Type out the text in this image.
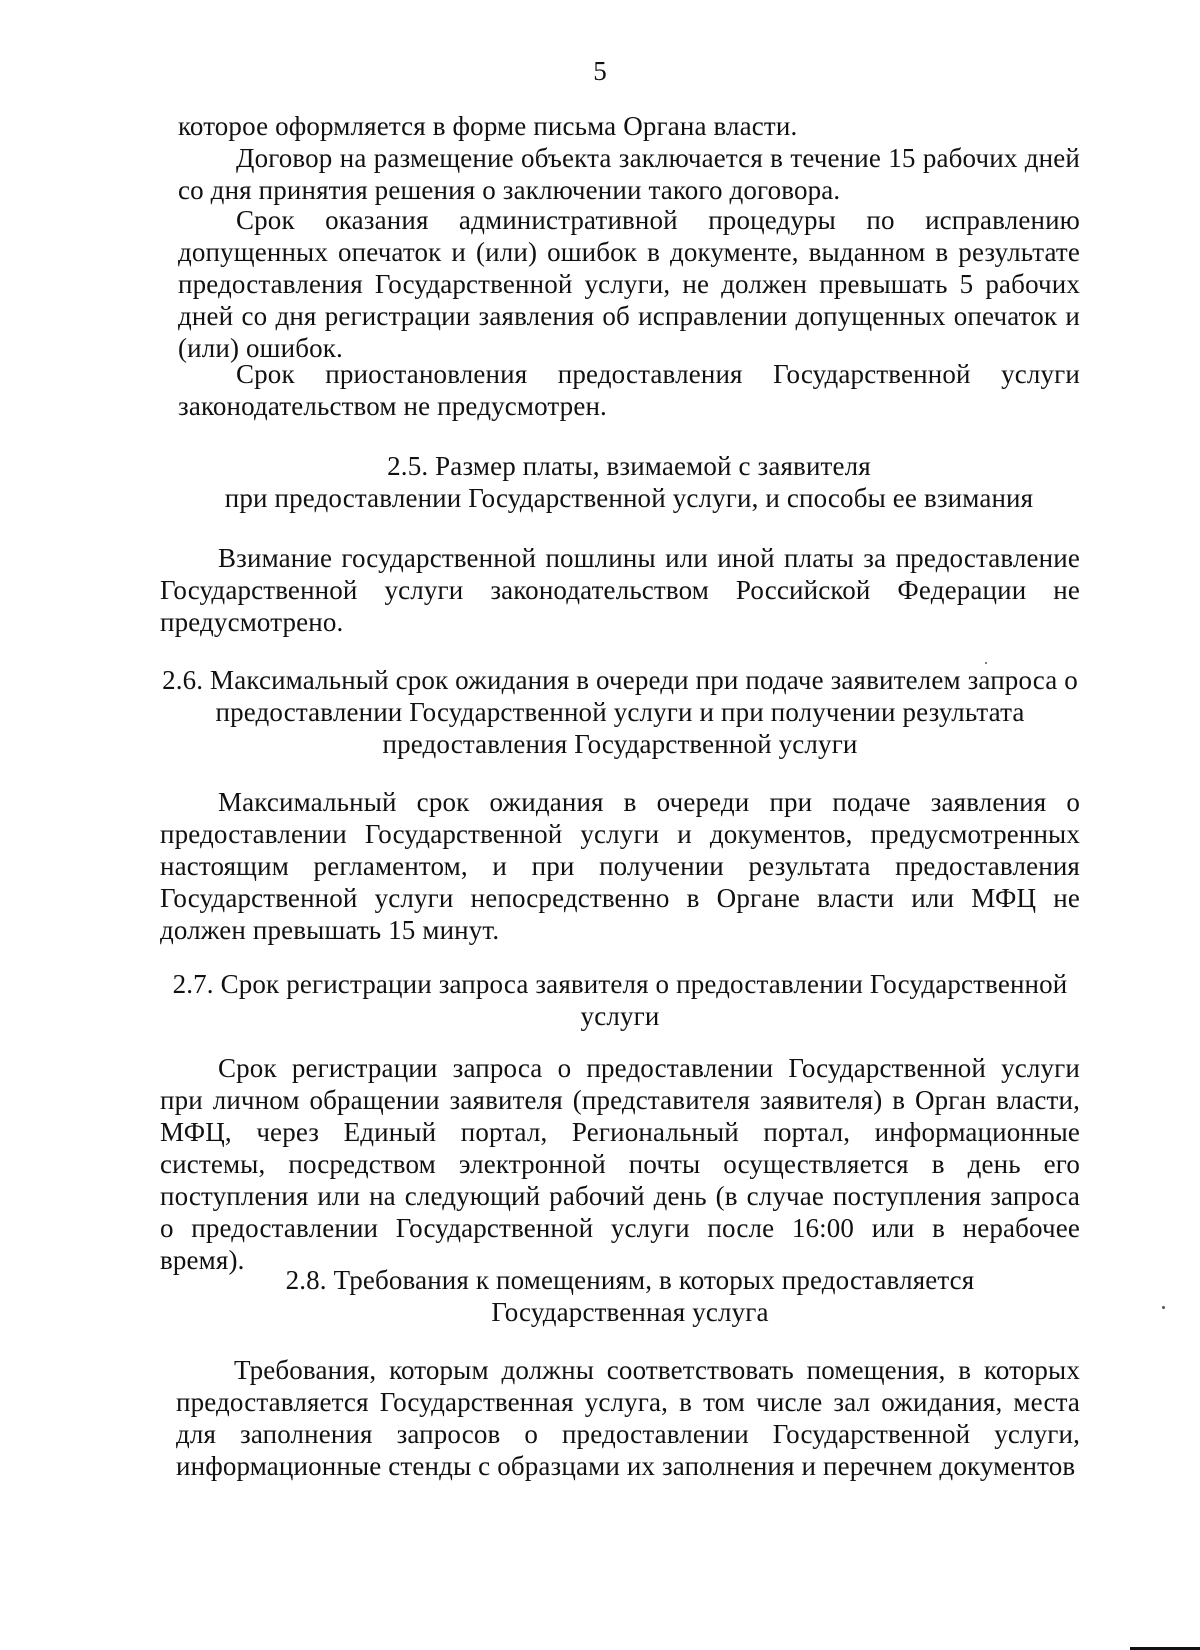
5
которое оформляется в форме письма Органа власти.
Договор на размещение объекта заключается в течение 15 рабочих дней со дня принятия решения о заключении такого договора.
Срок оказания административной процедуры по исправлению допущенных опечаток и (или) ошибок в документе, выданном в результате предоставления Государственной услуги, не должен превышать 5 рабочих дней со дня регистрации заявления об исправлении допущенных опечаток и (или) ошибок.
Срок приостановления предоставления Государственной услуги законодательством не предусмотрен.
2.5. Размер платы, взимаемой с заявителя
при предоставлении Государственной услуги, и способы ее взимания
Взимание государственной пошлины или иной платы за предоставление Государственной услуги законодательством Российской Федерации не предусмотрено.
2.6. Максимальный срок ожидания в очереди при подаче заявителем запроса о
предоставлении Государственной услуги и при получении результата
предоставления Государственной услуги
Максимальный срок ожидания в очереди при подаче заявления о предоставлении Государственной услуги и документов, предусмотренных настоящим регламентом, и при получении результата предоставления Государственной услуги непосредственно в Органе власти или МФЦ не должен превышать 15 минут.
2.7. Срок регистрации запроса заявителя о предоставлении Государственной
услуги
Срок регистрации запроса о предоставлении Государственной услуги при личном обращении заявителя (представителя заявителя) в Орган власти, МФЦ, через Единый портал, Региональный портал, информационные системы, посредством электронной почты осуществляется в день его поступления или на следующий рабочий день (в случае поступления запроса о предоставлении Государственной услуги после 16:00 или в нерабочее время).
2.8. Требования к помещениям, в которых предоставляется
Государственная услуга
Требования, которым должны соответствовать помещения, в которых предоставляется Государственная услуга, в том числе зал ожидания, места для заполнения запросов о предоставлении Государственной услуги, информационные стенды с образцами их заполнения и перечнем документов
